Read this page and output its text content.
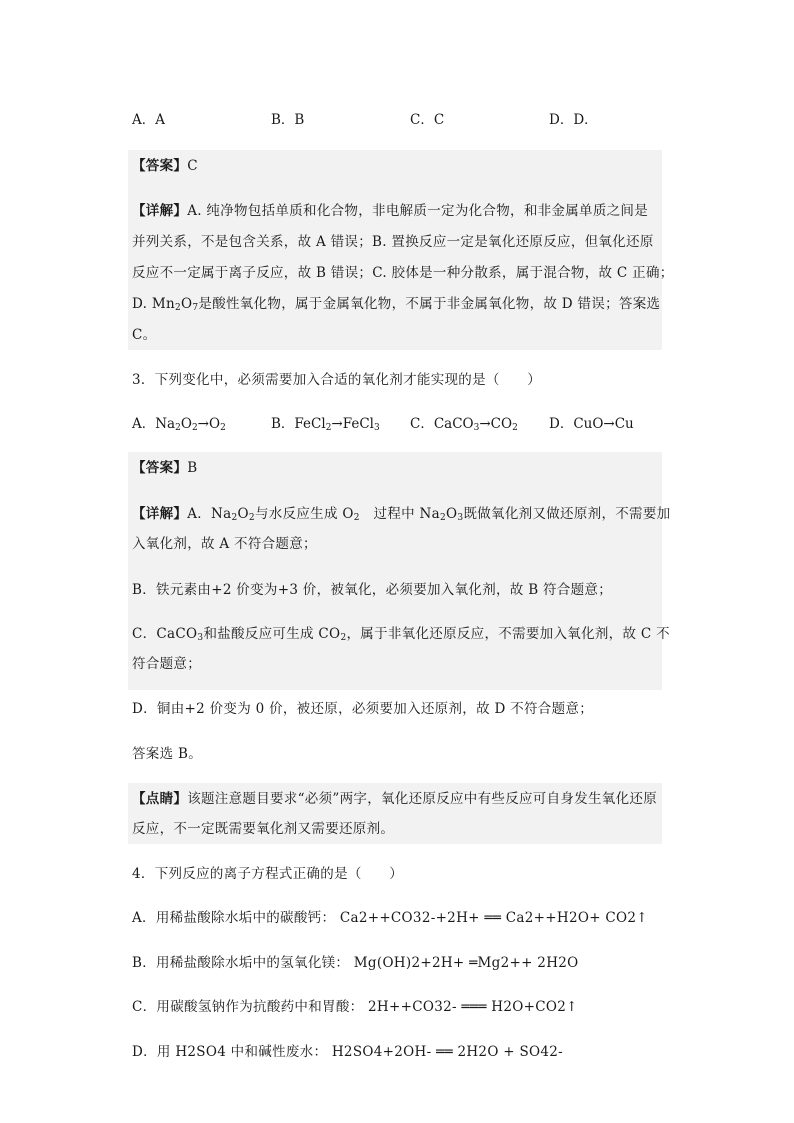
A．A	B．B	C．C	D．D．
【答案】C
【详解】A. 纯净物包括单质和化合物，非电解质一定为化合物，和非金属单质之间是
并列关系，不是包含关系，故 A 错误；B. 置换反应一定是氧化还原反应，但氧化还原
反应不一定属于离子反应，故 B 错误；C. 胶体是一种分散系，属于混合物，故 C 正确；
D. $Mn_2O_7$是酸性氧化物，属于金属氧化物，不属于非金属氧化物，故 D 错误；答案选
C。
3．下列变化中，必须需要加入合适的氧化剂才能实现的是（　　）
A．$Na_2O_2\to O_2$	B．FeCl$_2$→FeCl$_3$ C．$CaCO_3\to CO_2$ D．CuO→Cu
【答案】B
【详解】A．$Na_2O_2$与水反应生成 $O_2$　过程中 $Na_2O_3$既做氧化剂又做还原剂，不需要加
入氧化剂，故 A 不符合题意；
B．铁元素由+2 价变为+3 价，被氧化，必须要加入氧化剂，故 B 符合题意；
C．CaCO$_3$和盐酸反应可生成 $CO_2$，属于非氧化还原反应，不需要加入氧化剂，故 C 不
符合题意；
D．铜由+2 价变为 0 价，被还原，必须要加入还原剂，故 D 不符合题意；
答案选 B。
【点睛】该题注意题目要求“必须”两字，氧化还原反应中有些反应可自身发生氧化还原
反应，不一定既需要氧化剂又需要还原剂。
4．下列反应的离子方程式正确的是（　　）
A．用稀盐酸除水垢中的碳酸钙： Ca2++CO32-+2H+ ══ Ca2++H2O+ CO2↑
B．用稀盐酸除水垢中的氢氧化镁： Mg(OH)2+2H+ ═Mg2++ 2H2O
C．用碳酸氢钠作为抗酸药中和胃酸： 2H++CO32- ═══ H2O+CO2↑
D．用 H2SO4 中和碱性废水： H2SO4+2OH- ══ 2H2O + SO42-
